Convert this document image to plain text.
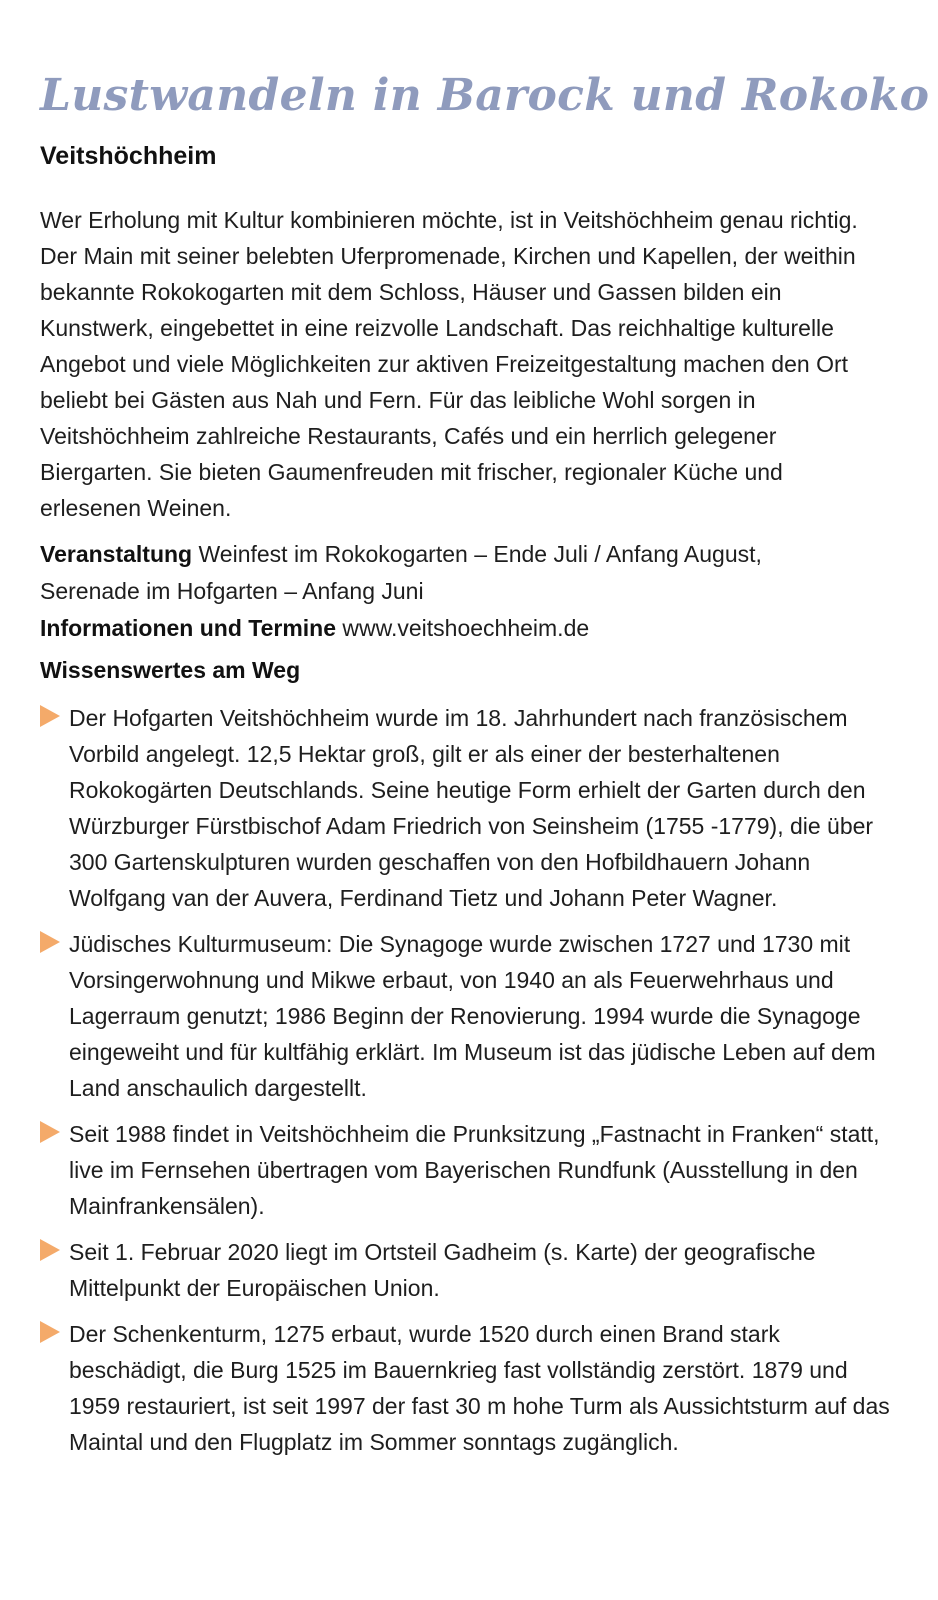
Lustwandeln in Barock und Rokoko
Veitshöchheim

Wer Erholung mit Kultur kombinieren möchte, ist in Veitshöchheim genau richtig. Der Main mit seiner belebten Uferpromenade, Kirchen und Kapellen, der weithin bekannte Rokokogarten mit dem Schloss, Häuser und Gassen bilden ein Kunstwerk, eingebettet in eine reizvolle Landschaft. Das reichhaltige kulturelle Angebot und viele Möglichkeiten zur aktiven Freizeitgestaltung machen den Ort beliebt bei Gästen aus Nah und Fern. Für das leibliche Wohl sorgen in Veitshöchheim zahlreiche Restaurants, Cafés und ein herrlich gelegener Biergarten. Sie bieten Gaumenfreuden mit frischer, regionaler Küche und erlesenen Weinen.

Veranstaltung Weinfest im Rokokogarten – Ende Juli / Anfang August, Serenade im Hofgarten – Anfang Juni

Informationen und Termine www.veitshoechheim.de

Wissenswertes am Weg
Der Hofgarten Veitshöchheim wurde im 18. Jahrhundert nach französischem Vorbild angelegt. 12,5 Hektar groß, gilt er als einer der besterhaltenen Rokokogärten Deutschlands. Seine heutige Form erhielt der Garten durch den Würzburger Fürstbischof Adam Friedrich von Seinsheim (1755 -1779), die über 300 Gartenskulpturen wurden geschaffen von den Hofbildhauern Johann Wolfgang van der Auvera, Ferdinand Tietz und Johann Peter Wagner.
Jüdisches Kulturmuseum: Die Synagoge wurde zwischen 1727 und 1730 mit Vorsingerwohnung und Mikwe erbaut, von 1940 an als Feuerwehrhaus und Lagerraum genutzt; 1986 Beginn der Renovierung. 1994 wurde die Synagoge eingeweiht und für kultfähig erklärt. Im Museum ist das jüdische Leben auf dem Land anschaulich dargestellt.
Seit 1988 findet in Veitshöchheim die Prunksitzung „Fastnacht in Franken“ statt, live im Fernsehen übertragen vom Bayerischen Rundfunk (Ausstellung in den Mainfrankensälen).
Seit 1. Februar 2020 liegt im Ortsteil Gadheim (s. Karte) der geografische Mittelpunkt der Europäischen Union.
Der Schenkenturm, 1275 erbaut, wurde 1520 durch einen Brand stark beschädigt, die Burg 1525 im Bauernkrieg fast vollständig zerstört. 1879 und 1959 restauriert, ist seit 1997 der fast 30 m hohe Turm als Aussichtsturm auf das Maintal und den Flugplatz im Sommer sonntags zugänglich.
